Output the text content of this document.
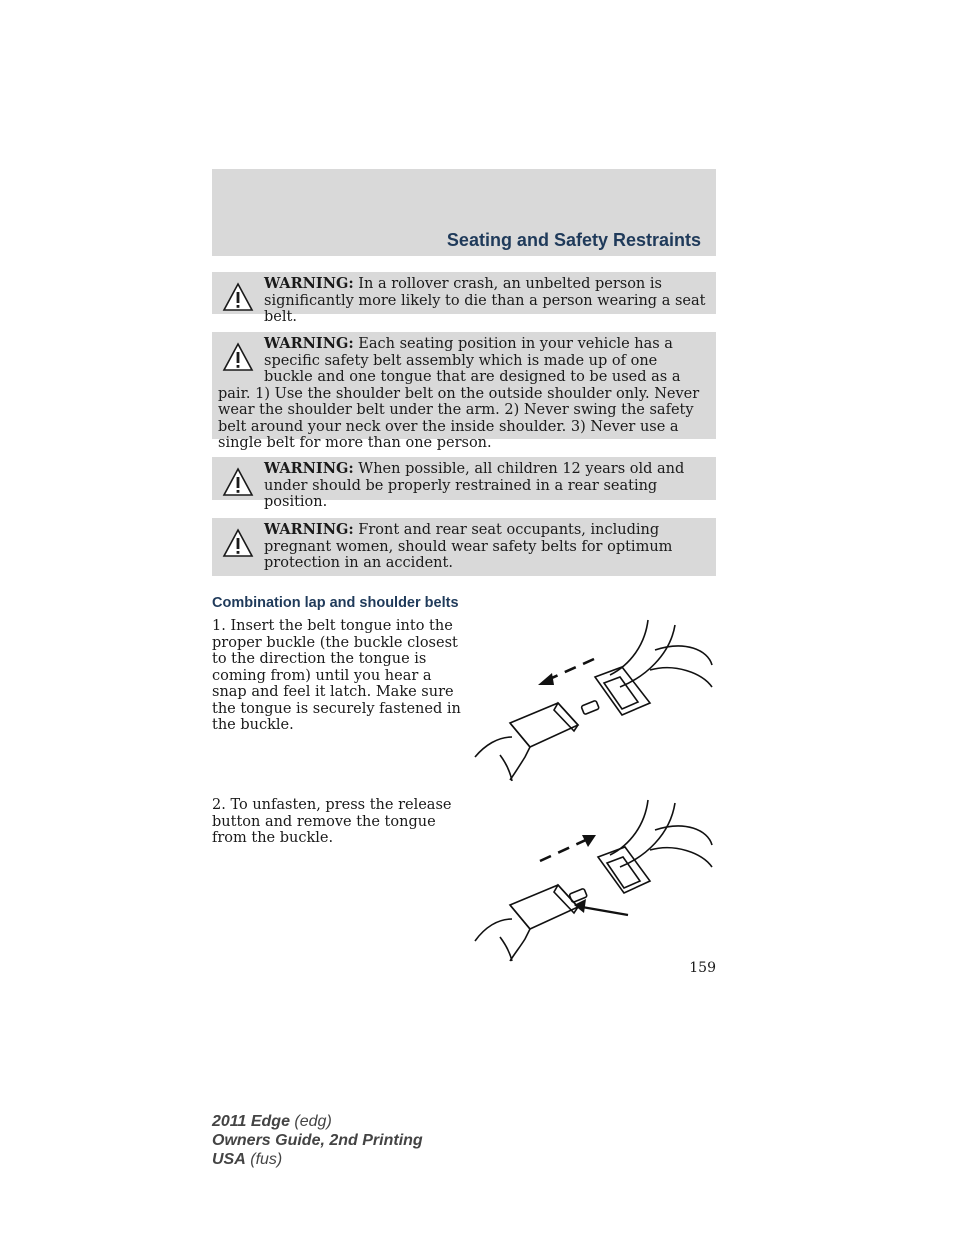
Seating and Safety Restraints
WARNING: In a rollover crash, an unbelted person is significantly more likely to die than a person wearing a seat belt.
WARNING: Each seating position in your vehicle has a specific safety belt assembly which is made up of one buckle and one tongue that are designed to be used as a pair. 1) Use the shoulder belt on the outside shoulder only. Never wear the shoulder belt under the arm. 2) Never swing the safety belt around your neck over the inside shoulder. 3) Never use a single belt for more than one person.
WARNING: When possible, all children 12 years old and under should be properly restrained in a rear seating position.
WARNING: Front and rear seat occupants, including pregnant women, should wear safety belts for optimum protection in an accident.
Combination lap and shoulder belts
1. Insert the belt tongue into the proper buckle (the buckle closest to the direction the tongue is coming from) until you hear a snap and feel it latch. Make sure the tongue is securely fastened in the buckle.
2. To unfasten, press the release button and remove the tongue from the buckle.
159
2011 Edge (edg)
Owners Guide, 2nd Printing
USA (fus)
